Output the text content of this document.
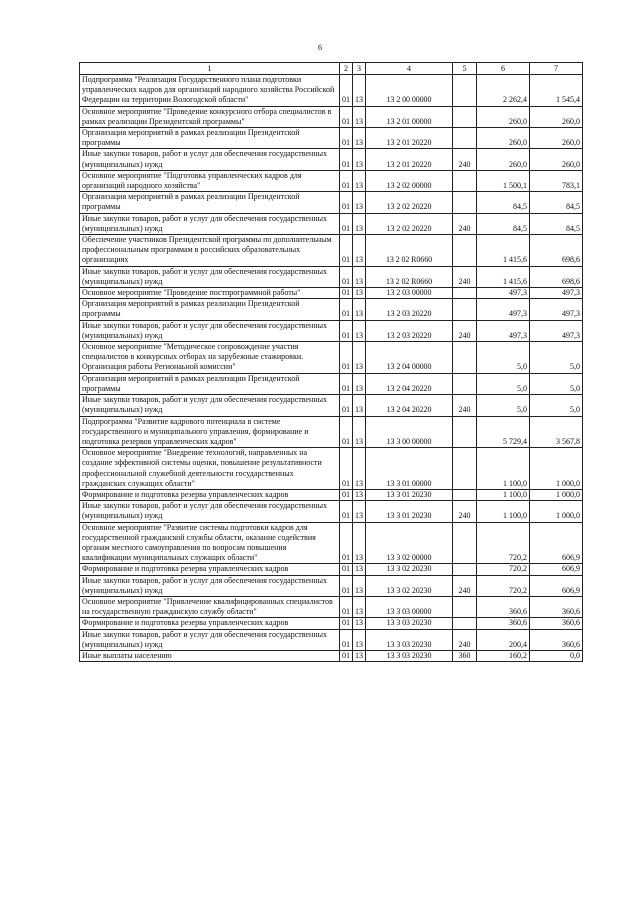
6
1	2	3	4	5	6	7
Подпрограмма "Реализация Государственного плана подготовки управленческих кадров для организаций народного хозяйства Российской Федерации на территории Вологодской области"	01	13	13 2 00 00000		2 262,4	1 545,4
Основное мероприятие "Проведение конкурсного отбора специалистов в рамках реализации Президентской программы"	01	13	13 2 01 00000		260,0	260,0
Организация мероприятий в рамках реализации Президентской программы	01	13	13 2 01 20220		260,0	260,0
Иные закупки товаров, работ и услуг для обеспечения государственных (муниципальных) нужд	01	13	13 2 01 20220	240	260,0	260,0
Основное мероприятие "Подготовка управленческих кадров для организаций народного хозяйства"	01	13	13 2 02 00000		1 500,1	783,1
Организация мероприятий в рамках реализации Президентской программы	01	13	13 2 02 20220		84,5	84,5
Иные закупки товаров, работ и услуг для обеспечения государственных (муниципальных) нужд	01	13	13 2 02 20220	240	84,5	84,5
Обеспечение участников Президентской программы по дополнительным профессиональным программам в российских образовательных организациях	01	13	13 2 02 R0660		1 415,6	698,6
Иные закупки товаров, работ и услуг для обеспечения государственных (муниципальных) нужд	01	13	13 2 02 R0660	240	1 415,6	698,6
Основное мероприятие "Проведение постпрограммной работы"	01	13	13 2 03 00000		497,3	497,3
Организация мероприятий в рамках реализации Президентской программы	01	13	13 2 03 20220		497,3	497,3
Иные закупки товаров, работ и услуг для обеспечения государственных (муниципальных) нужд	01	13	13 2 03 20220	240	497,3	497,3
Основное мероприятие "Методическое сопровождение участия специалистов в конкурсных отборах на зарубежные стажировки. Организация работы Регионаьной комиссии"	01	13	13 2 04 00000		5,0	5,0
Организация мероприятий в рамках реализации Президентской программы	01	13	13 2 04 20220		5,0	5,0
Иные закупки товаров, работ и услуг для обеспечения государственных (муниципальных) нужд	01	13	13 2 04 20220	240	5,0	5,0
Подпрограмма "Развитие кадрового потенциала в системе государственного и муниципального управления, формирование и подготовка резервов управленческих кадров"	01	13	13 3 00 00000		5 729,4	3 567,8
Основное мероприятие "Внедрение технологий, направленных на создание эффективной системы оценки, повышение результативности профессиональной служебной деятельности государственных гражданских служащих области"	01	13	13 3 01 00000		1 100,0	1 000,0
Формирование и подготовка резерва управленческих кадров	01	13	13 3 01 20230		1 100,0	1 000,0
Иные закупки товаров, работ и услуг для обеспечения государственных (муниципальных) нужд	01	13	13 3 01 20230	240	1 100,0	1 000,0
Основное мероприятие "Развитие системы подготовки кадров для государственной гражданской службы области, оказание содействия органам местного самоуправления по вопросам повышения квалификации муниципальных служащих области"	01	13	13 3 02 00000		720,2	606,9
Формирование и подготовка резерва управленческих кадров	01	13	13 3 02 20230		720,2	606,9
Иные закупки товаров, работ и услуг для обеспечения государственных (муниципальных) нужд	01	13	13 3 02 20230	240	720,2	606,9
Основное мероприятие "Привлечение квалифицированных специалистов на государственную гражданскую службу области"	01	13	13 3 03 00000		360,6	360,6
Формирование и подготовка резерва управленческих кадров	01	13	13 3 03 20230		360,6	360,6
Иные закупки товаров, работ и услуг для обеспечения государственных (муниципальных) нужд	01	13	13 3 03 20230	240	200,4	360,6
Иные выплаты населению	01	13	13 3 03 20230	360	160,2	0,0
